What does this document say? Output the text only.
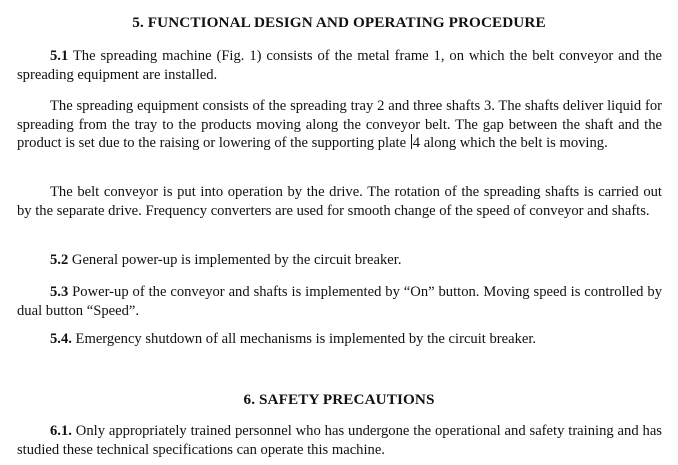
5. FUNCTIONAL DESIGN AND OPERATING PROCEDURE

5.1 The spreading machine (Fig. 1) consists of the metal frame 1, on which the belt conveyor and the spreading equipment are installed.

The spreading equipment consists of the spreading tray 2 and three shafts 3. The shafts deliver liquid for spreading from the tray to the products moving along the conveyor belt. The gap between the shaft and the product is set due to the raising or lowering of the supporting plate 4 along which the belt is moving.

The belt conveyor is put into operation by the drive. The rotation of the spreading shafts is carried out by the separate drive. Frequency converters are used for smooth change of the speed of conveyor and shafts.

5.2 General power-up is implemented by the circuit breaker.

5.3 Power-up of the conveyor and shafts is implemented by “On” button. Moving speed is controlled by dual button “Speed”.

5.4. Emergency shutdown of all mechanisms is implemented by the circuit breaker.

6. SAFETY PRECAUTIONS

6.1. Only appropriately trained personnel who has undergone the operational and safety training and has studied these technical specifications can operate this machine.
